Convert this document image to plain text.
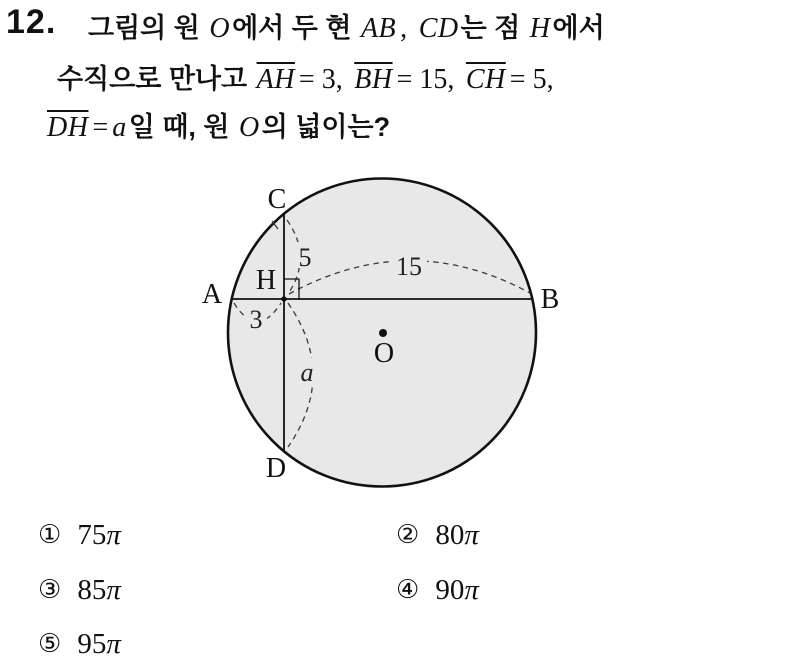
12. 그림의 원 O에서 두 현 AB , CD는 점 H에서
수직으로 만나고 $\overline{AH} = 3$, $\overline{BH} = 15$, $\overline{CH} = 5$,
$\overline{DH} = a$일 때, 원 O의 넓이는?
A	B
C
D
H
O
5	15
3
a
① 75π	② 80π
③ 85π	④ 90π
⑤ 95π
